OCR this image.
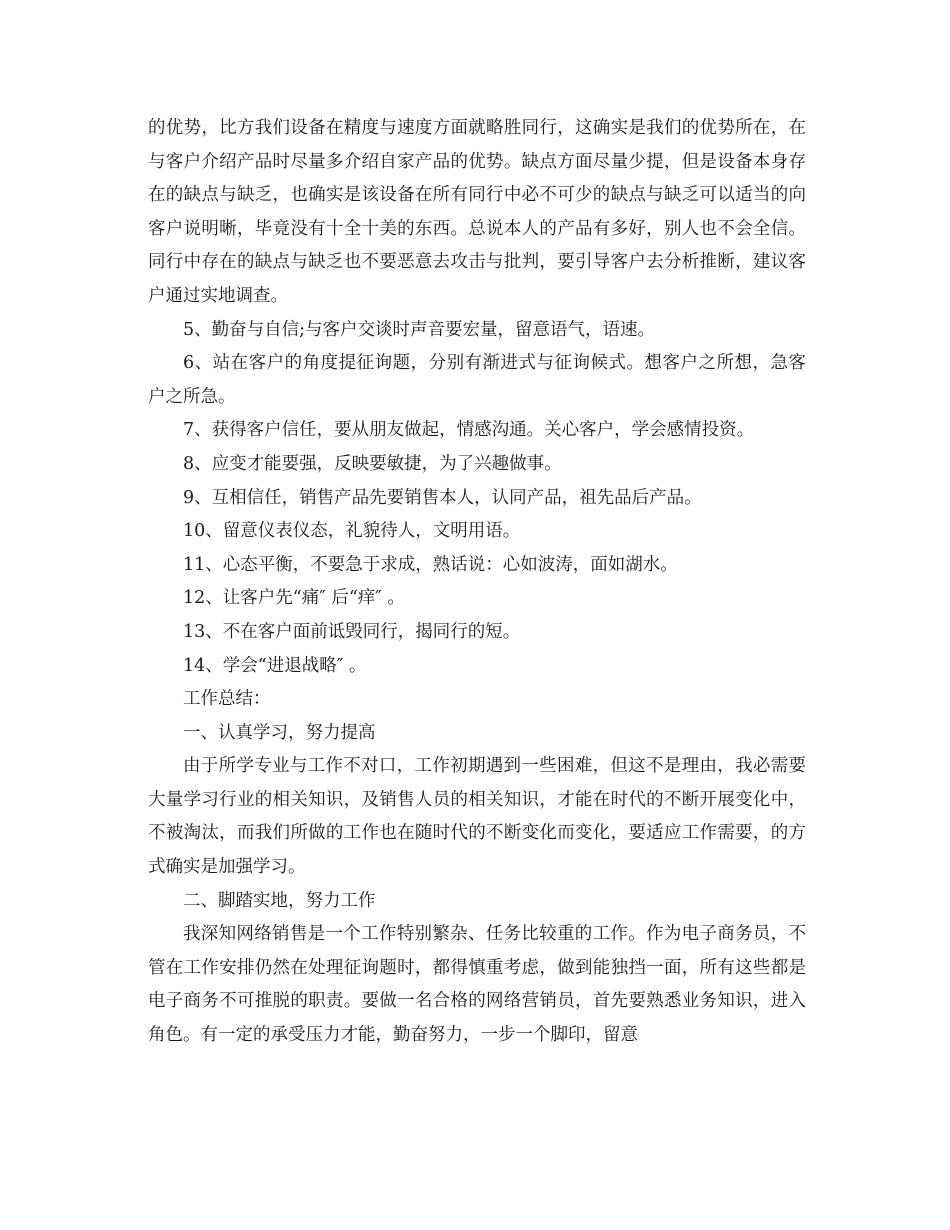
的优势，比方我们设备在精度与速度方面就略胜同行，这确实是我们的优势所在，在与客户介绍产品时尽量多介绍自家产品的优势。缺点方面尽量少提，但是设备本身存在的缺点与缺乏，也确实是该设备在所有同行中必不可少的缺点与缺乏可以适当的向客户说明晰，毕竟没有十全十美的东西。总说本人的产品有多好，别人也不会全信。同行中存在的缺点与缺乏也不要恶意去攻击与批判，要引导客户去分析推断，建议客户通过实地调查。

5、勤奋与自信;与客户交谈时声音要宏量，留意语气，语速。

6、站在客户的角度提征询题，分别有渐进式与征询候式。想客户之所想，急客户之所急。

7、获得客户信任，要从朋友做起，情感沟通。关心客户，学会感情投资。

8、应变才能要强，反映要敏捷，为了兴趣做事。

9、互相信任，销售产品先要销售本人，认同产品，祖先品后产品。

10、留意仪表仪态，礼貌待人，文明用语。

11、心态平衡，不要急于求成，熟话说：心如波涛，面如湖水。

12、让客户先“痛″ 后“痒″ 。

13、不在客户面前诋毁同行，揭同行的短。

14、学会“进退战略″ 。

工作总结：

一、认真学习，努力提高

由于所学专业与工作不对口，工作初期遇到一些困难，但这不是理由，我必需要大量学习行业的相关知识，及销售人员的相关知识，才能在时代的不断开展变化中，不被淘汰，而我们所做的工作也在随时代的不断变化而变化，要适应工作需要，的方式确实是加强学习。

二、脚踏实地，努力工作

我深知网络销售是一个工作特别繁杂、任务比较重的工作。作为电子商务员，不管在工作安排仍然在处理征询题时，都得慎重考虑，做到能独挡一面，所有这些都是电子商务不可推脱的职责。要做一名合格的网络营销员，首先要熟悉业务知识，进入角色。有一定的承受压力才能，勤奋努力，一步一个脚印，留意
